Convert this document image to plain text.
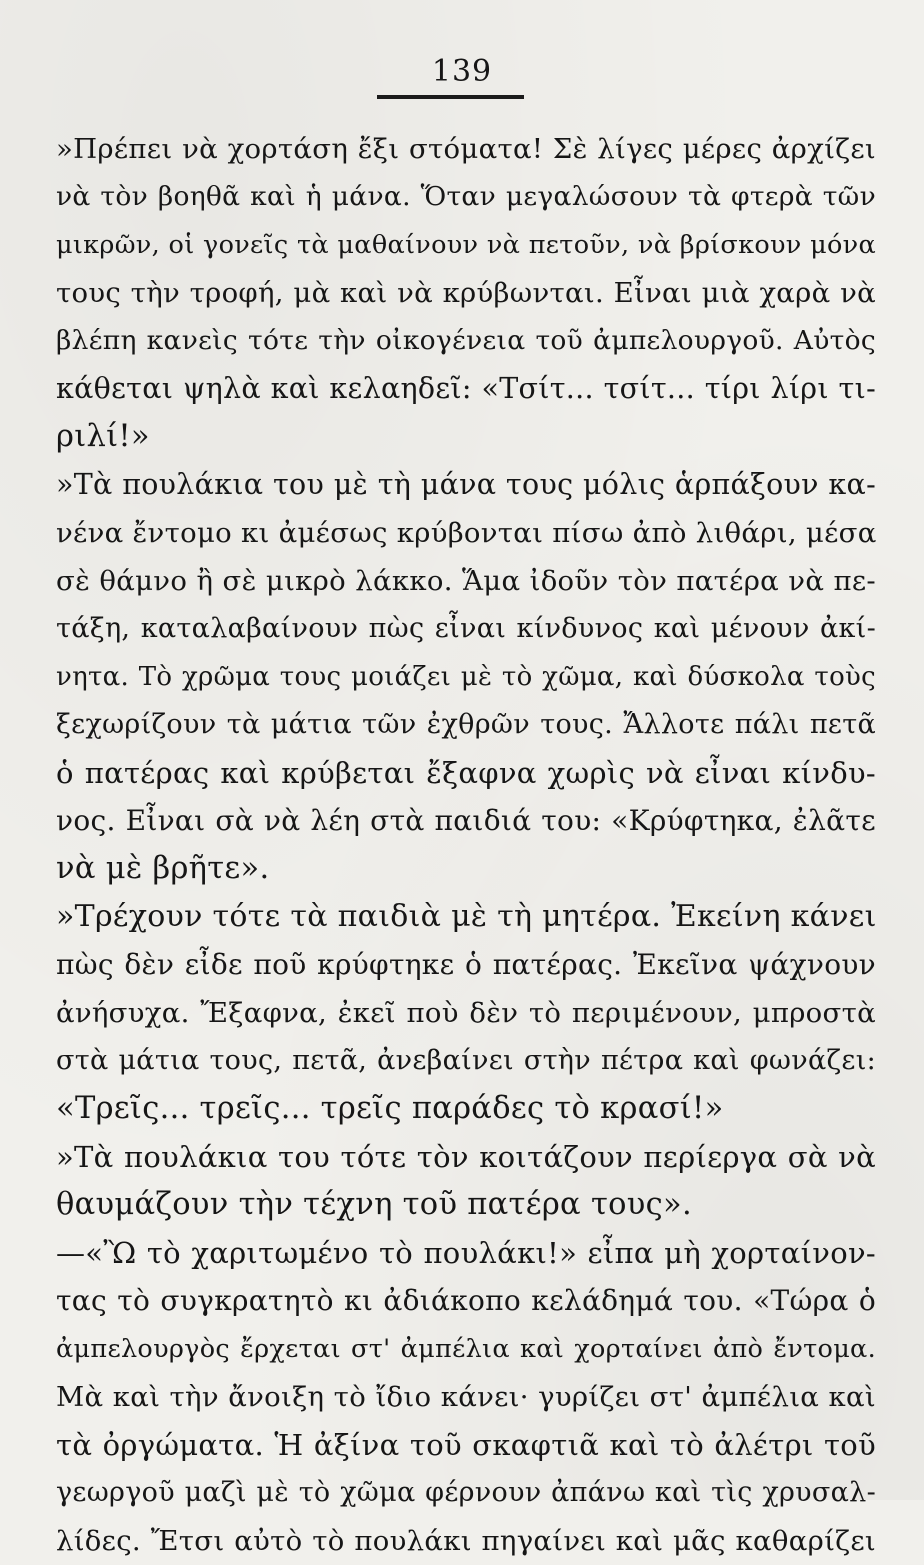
139
»Πρέπει νὰ χορτάση ἔξι στόματα! Σὲ λίγες μέρες ἀρχίζει
νὰ τὸν βοηθᾶ καὶ ἡ μάνα. Ὅταν μεγαλώσουν τὰ φτερὰ τῶν
μικρῶν, οἱ γονεῖς τὰ μαθαίνουν νὰ πετοῦν, νὰ βρίσκουν μόνα
τους τὴν τροφή, μὰ καὶ νὰ κρύβωνται. Εἶναι μιὰ χαρὰ νὰ
βλέπη κανεὶς τότε τὴν οἰκογένεια τοῦ ἀμπελουργοῦ. Αὐτὸς
κάθεται ψηλὰ καὶ κελαηδεῖ: «Τσίτ... τσίτ... τίρι λίρι τι-
ριλί!»
»Τὰ πουλάκια του μὲ τὴ μάνα τους μόλις ἁρπάξουν κα-
νένα ἔντομο κι ἀμέσως κρύβονται πίσω ἀπὸ λιθάρι, μέσα
σὲ θάμνο ἢ σὲ μικρὸ λάκκο. Ἅμα ἰδοῦν τὸν πατέρα νὰ πε-
τάξη, καταλαβαίνουν πὼς εἶναι κίνδυνος καὶ μένουν ἀκί-
νητα. Τὸ χρῶμα τους μοιάζει μὲ τὸ χῶμα, καὶ δύσκολα τοὺς
ξεχωρίζουν τὰ μάτια τῶν ἐχθρῶν τους. Ἄλλοτε πάλι πετᾶ
ὁ πατέρας καὶ κρύβεται ἔξαφνα χωρὶς νὰ εἶναι κίνδυ-
νος. Εἶναι σὰ νὰ λέη στὰ παιδιά του: «Κρύφτηκα, ἐλᾶτε
νὰ μὲ βρῆτε».
»Τρέχουν τότε τὰ παιδιὰ μὲ τὴ μητέρα. Ἐκείνη κάνει
πὼς δὲν εἶδε ποῦ κρύφτηκε ὁ πατέρας. Ἐκεῖνα ψάχνουν
ἀνήσυχα. Ἔξαφνα, ἐκεῖ ποὺ δὲν τὸ περιμένουν, μπροστὰ
στὰ μάτια τους, πετᾶ, ἀνεβαίνει στὴν πέτρα καὶ φωνάζει:
«Τρεῖς... τρεῖς... τρεῖς παράδες τὸ κρασί!»
»Τὰ πουλάκια του τότε τὸν κοιτάζουν περίεργα σὰ νὰ
θαυμάζουν τὴν τέχνη τοῦ πατέρα τους».
—«Ὢ τὸ χαριτωμένο τὸ πουλάκι!» εἶπα μὴ χορταίνον-
τας τὸ συγκρατητὸ κι ἀδιάκοπο κελάδημά του. «Τώρα ὁ
ἀμπελουργὸς ἔρχεται στ' ἀμπέλια καὶ χορταίνει ἀπὸ ἔντομα.
Μὰ καὶ τὴν ἄνοιξη τὸ ἴδιο κάνει· γυρίζει στ' ἀμπέλια καὶ
τὰ ὀργώματα. Ἡ ἀξίνα τοῦ σκαφτιᾶ καὶ τὸ ἀλέτρι τοῦ
γεωργοῦ μαζὶ μὲ τὸ χῶμα φέρνουν ἀπάνω καὶ τὶς χρυσαλ-
λίδες. Ἔτσι αὐτὸ τὸ πουλάκι πηγαίνει καὶ μᾶς καθαρίζει
